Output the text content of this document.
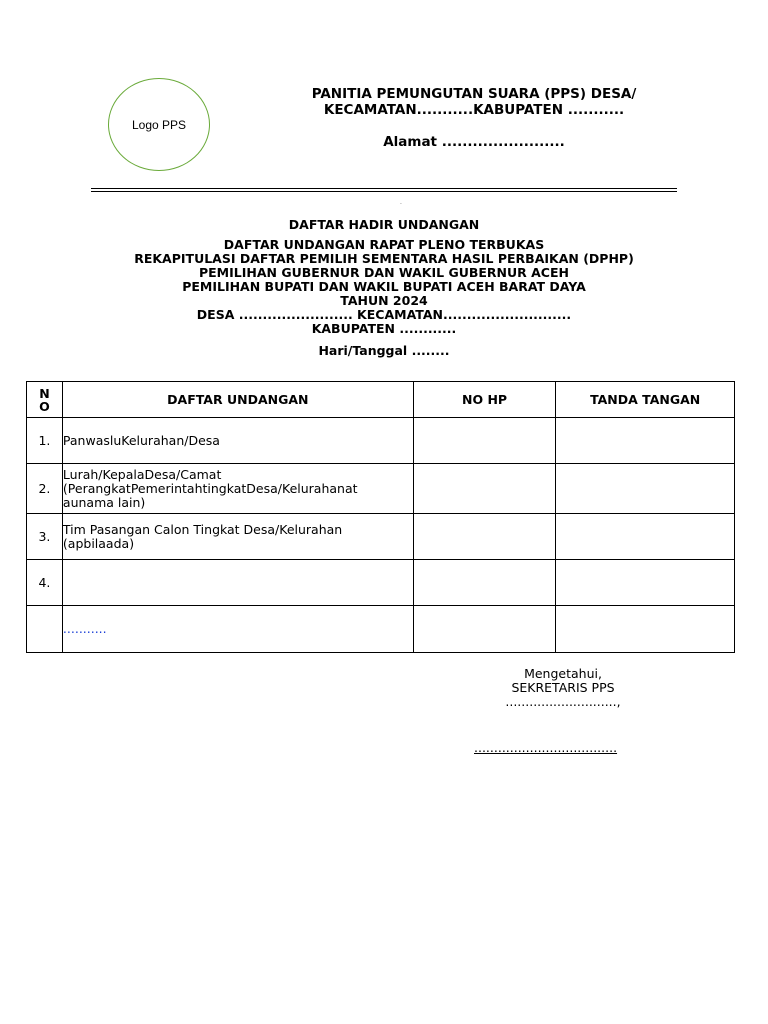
Logo PPS
PANITIA PEMUNGUTAN SUARA (PPS) DESA/
KECAMATAN...........KABUPATEN ...........
Alamat ........................
.
DAFTAR HADIR UNDANGAN
DAFTAR UNDANGAN RAPAT PLENO TERBUKAS
REKAPITULASI DAFTAR PEMILIH SEMENTARA HASIL PERBAIKAN (DPHP)
PEMILIHAN GUBERNUR DAN WAKIL GUBERNUR ACEH
PEMILIHAN BUPATI DAN WAKIL BUPATI ACEH BARAT DAYA
TAHUN 2024
DESA ........................ KECAMATAN...........................
KABUPATEN ............
Hari/Tanggal ........
N
O	DAFTAR UNDANGAN	NO HP	TANDA TANGAN
1.	PanwasluKelurahan/Desa		
2.	Lurah/KepalaDesa/Camat
(PerangkatPemerintahtingkatDesa/Kelurahanat
aunama lain)		

3.	Tim Pasangan Calon Tingkat Desa/Kelurahan
(apbilaada)		

4.			
	...........		
Mengetahui,
SEKRETARIS PPS
............................,
....................................
